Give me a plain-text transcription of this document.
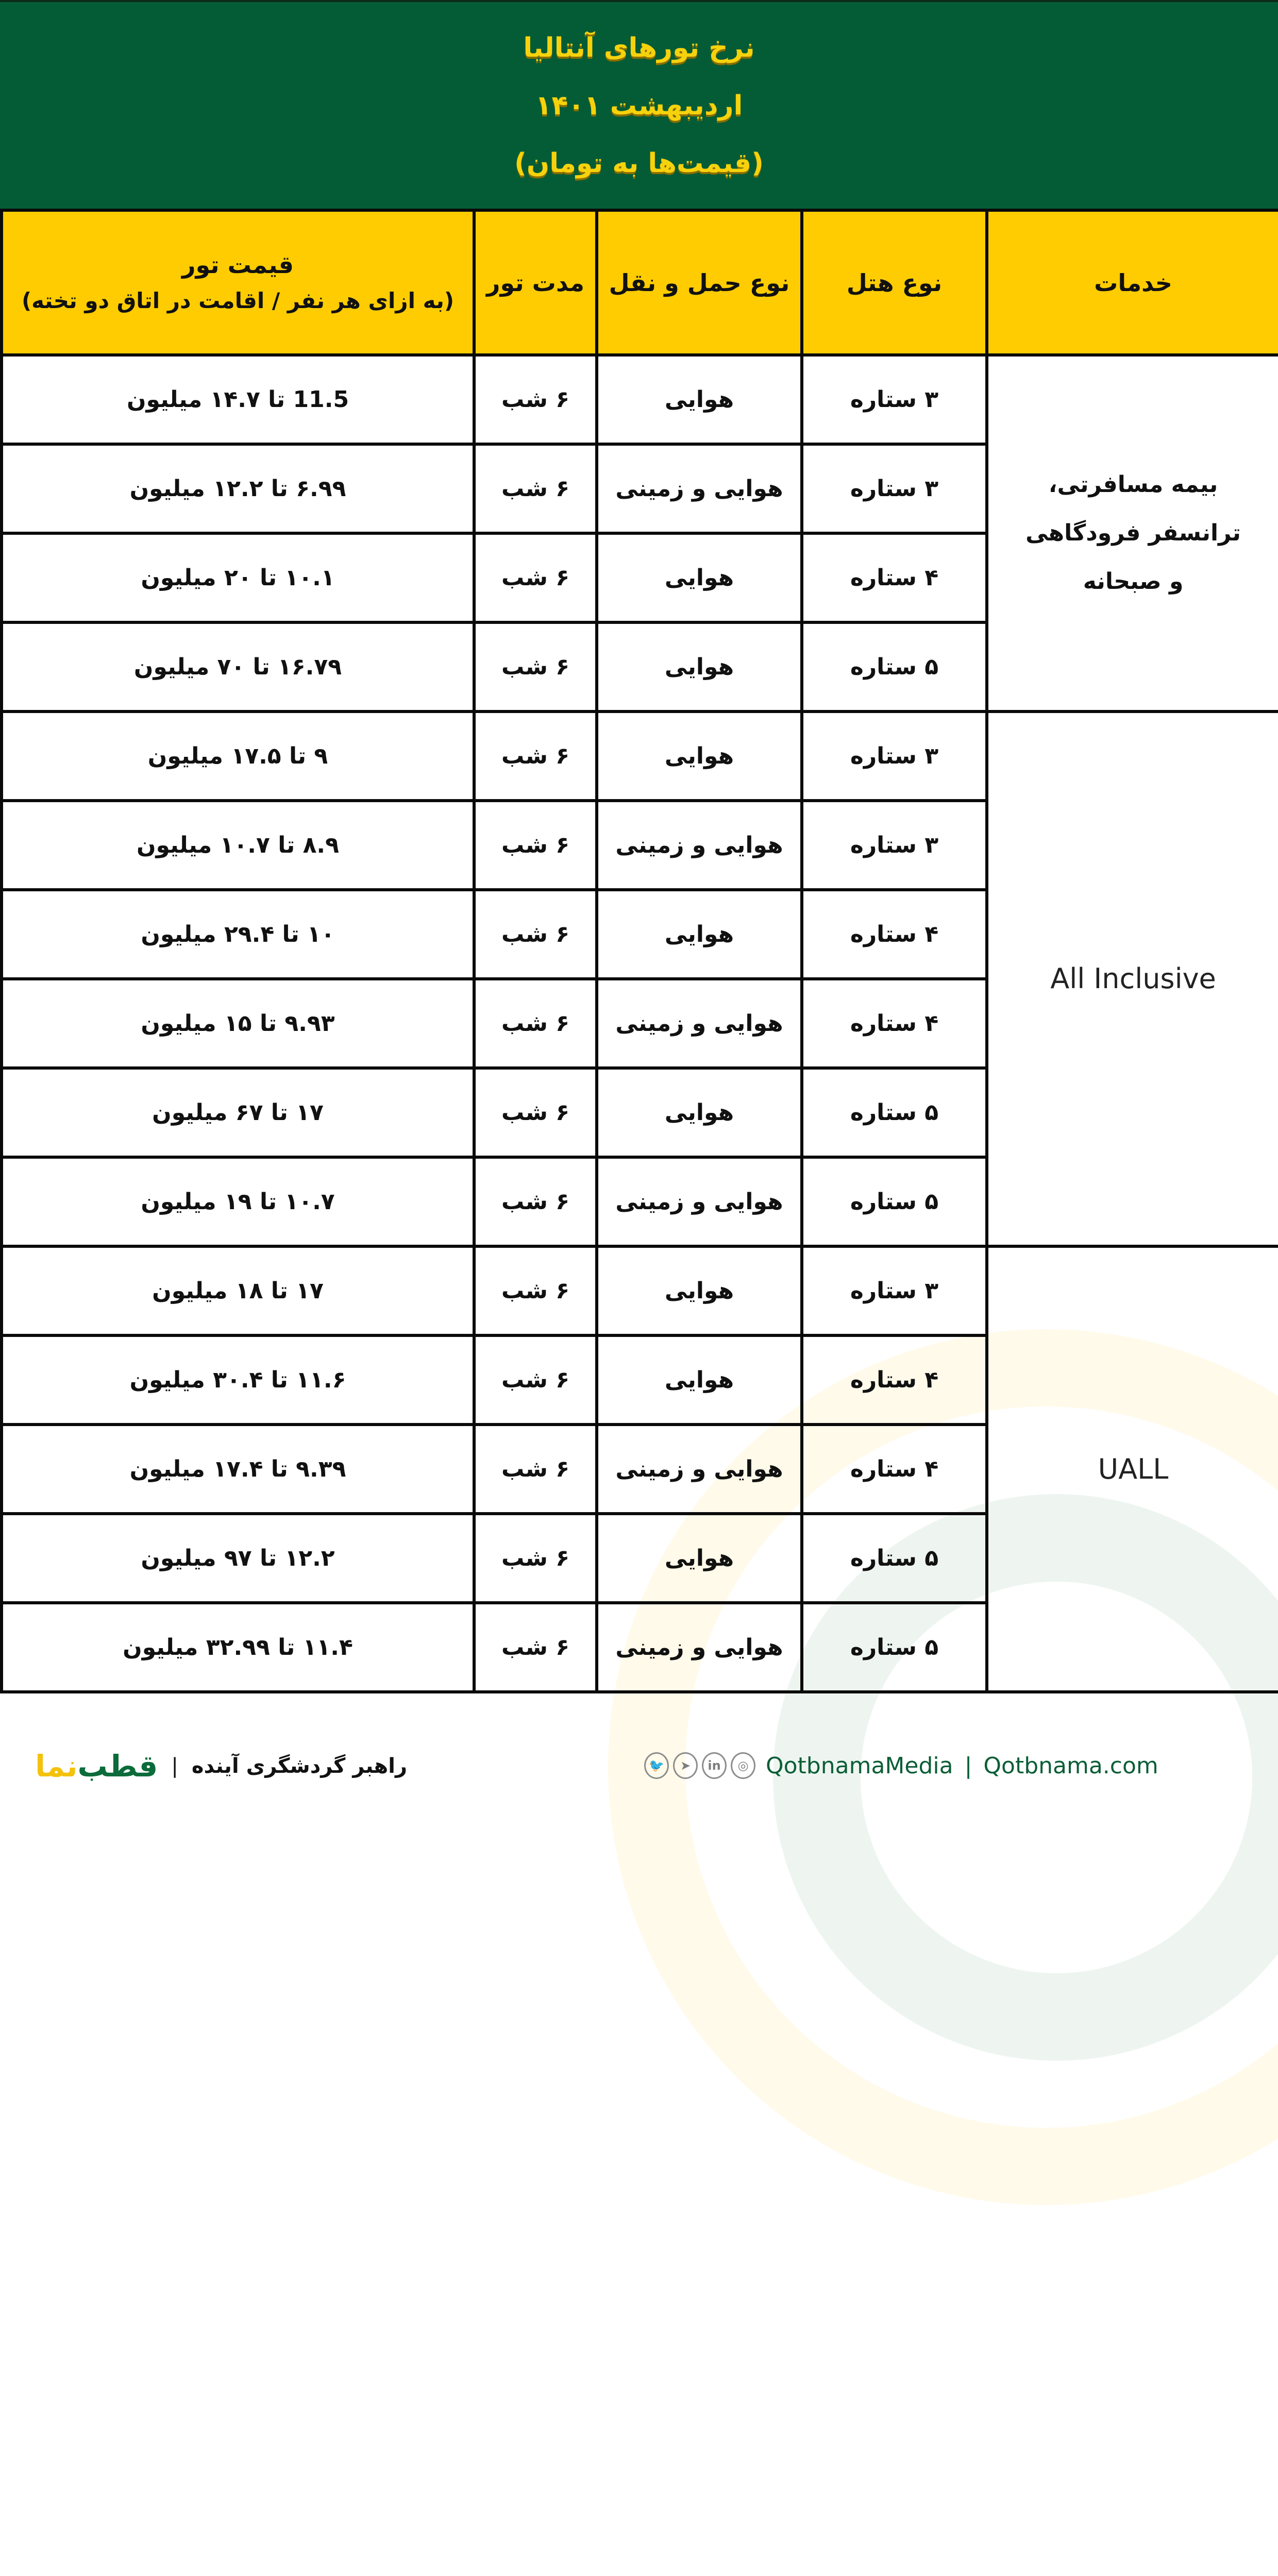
نرخ تورهای آنتالیا
اردیبهشت ۱۴۰۱
(قیمت‌ها به تومان)
خدمات	نوع هتل	نوع حمل و نقل	مدت تور	قیمت تور
(به ازای هر نفر / اقامت در اتاق دو تخته)

بیمه مسافرتی، ترانسفر فرودگاهی و صبحانه	۳ ستاره	هوایی	۶ شب	11.5 تا ۱۴.۷ میلیون
	۳ ستاره	هوایی و زمینی	۶ شب	۶.۹۹ تا ۱۲.۲ میلیون
	۴ ستاره	هوایی	۶ شب	۱۰.۱ تا ۲۰ میلیون
	۵ ستاره	هوایی	۶ شب	۱۶.۷۹ تا ۷۰ میلیون
All Inclusive	۳ ستاره	هوایی	۶ شب	۹ تا ۱۷.۵ میلیون
	۳ ستاره	هوایی و زمینی	۶ شب	۸.۹ تا ۱۰.۷ میلیون
	۴ ستاره	هوایی	۶ شب	۱۰ تا ۲۹.۴ میلیون
	۴ ستاره	هوایی و زمینی	۶ شب	۹.۹۳ تا ۱۵ میلیون
	۵ ستاره	هوایی	۶ شب	۱۷ تا ۶۷ میلیون
	۵ ستاره	هوایی و زمینی	۶ شب	۱۰.۷ تا ۱۹ میلیون
UALL	۳ ستاره	هوایی	۶ شب	۱۷ تا ۱۸ میلیون
	۴ ستاره	هوایی	۶ شب	۱۱.۶ تا ۳۰.۴ میلیون
	۴ ستاره	هوایی و زمینی	۶ شب	۹.۳۹ تا ۱۷.۴ میلیون
	۵ ستاره	هوایی	۶ شب	۱۲.۲ تا ۹۷ میلیون
	۵ ستاره	هوایی و زمینی	۶ شب	۱۱.۴ تا ۳۲.۹۹ میلیون
راهبر گردشگری آینده
|
قطب
نما	🐦	➤	in	◎ QotbnamaMedia | Qotbnama.com
